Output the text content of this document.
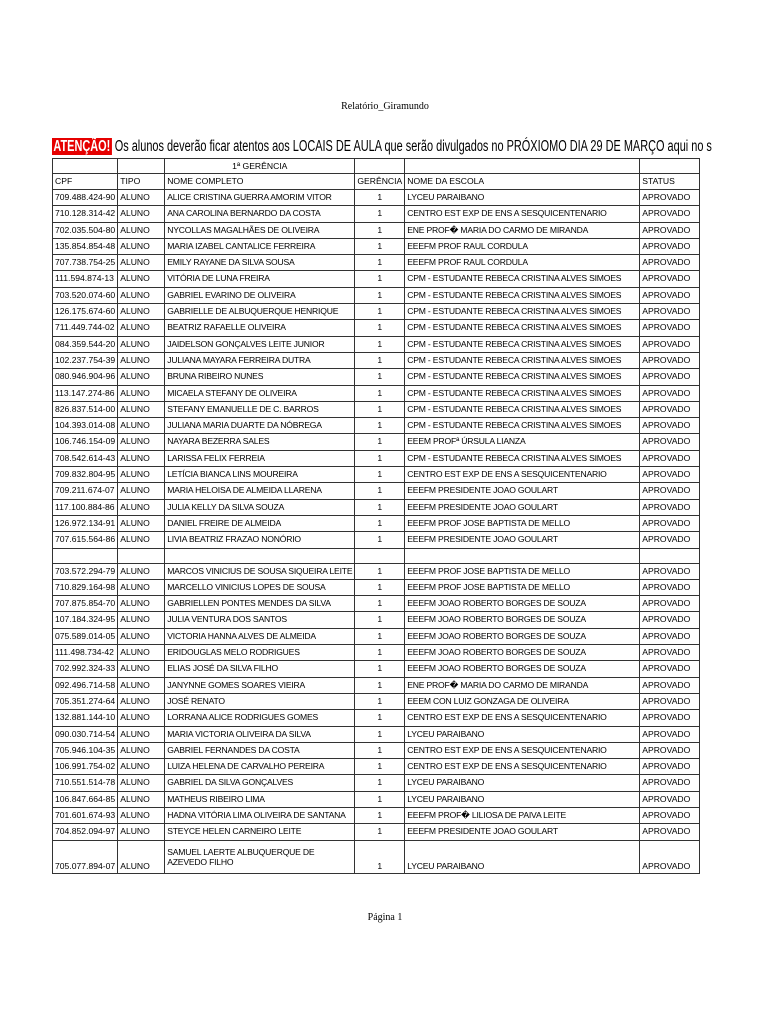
Relatório_Giramundo
ATENÇÃO! Os alunos deverão ficar atentos aos LOCAIS DE AULA que serão divulgados no PRÓXIOMO DIA 29 DE MARÇO aqui no s
		1ª GERÊNCIA			
CPF	TIPO	NOME COMPLETO	GERÊNCIA	NOME DA ESCOLA	STATUS
709.488.424-90	ALUNO	ALICE CRISTINA GUERRA AMORIM VITOR	1	LYCEU PARAIBANO	APROVADO
710.128.314-42	ALUNO	ANA CAROLINA BERNARDO DA COSTA	1	CENTRO EST EXP DE ENS A SESQUICENTENARIO	APROVADO
702.035.504-80	ALUNO	NYCOLLAS MAGALHÃES DE OLIVEIRA	1	ENE PROF� MARIA DO CARMO DE MIRANDA	APROVADO
135.854.854-48	ALUNO	MARIA IZABEL CANTALICE FERREIRA	1	EEEFM PROF RAUL CORDULA	APROVADO
707.738.754-25	ALUNO	EMILY RAYANE DA SILVA SOUSA	1	EEEFM PROF RAUL CORDULA	APROVADO
111.594.874-13	ALUNO	VITÓRIA DE LUNA FREIRA	1	CPM - ESTUDANTE REBECA CRISTINA ALVES SIMOES	APROVADO
703.520.074-60	ALUNO	GABRIEL EVARINO DE OLIVEIRA	1	CPM - ESTUDANTE REBECA CRISTINA ALVES SIMOES	APROVADO
126.175.674-60	ALUNO	GABRIELLE DE ALBUQUERQUE HENRIQUE	1	CPM - ESTUDANTE REBECA CRISTINA ALVES SIMOES	APROVADO
711.449.744-02	ALUNO	BEATRIZ RAFAELLE OLIVEIRA	1	CPM - ESTUDANTE REBECA CRISTINA ALVES SIMOES	APROVADO
084.359.544-20	ALUNO	JAIDELSON GONÇALVES LEITE JUNIOR	1	CPM - ESTUDANTE REBECA CRISTINA ALVES SIMOES	APROVADO
102.237.754-39	ALUNO	JULIANA MAYARA FERREIRA DUTRA	1	CPM - ESTUDANTE REBECA CRISTINA ALVES SIMOES	APROVADO
080.946.904-96	ALUNO	BRUNA RIBEIRO NUNES	1	CPM - ESTUDANTE REBECA CRISTINA ALVES SIMOES	APROVADO
113.147.274-86	ALUNO	MICAELA STEFANY DE OLIVEIRA	1	CPM - ESTUDANTE REBECA CRISTINA ALVES SIMOES	APROVADO
826.837.514-00	ALUNO	STEFANY EMANUELLE DE C. BARROS	1	CPM - ESTUDANTE REBECA CRISTINA ALVES SIMOES	APROVADO
104.393.014-08	ALUNO	JULIANA MARIA DUARTE DA NÓBREGA	1	CPM - ESTUDANTE REBECA CRISTINA ALVES SIMOES	APROVADO
106.746.154-09	ALUNO	NAYARA BEZERRA SALES	1	EEEM PROFª ÚRSULA LIANZA	APROVADO
708.542.614-43	ALUNO	LARISSA FELIX FERREIA	1	CPM - ESTUDANTE REBECA CRISTINA ALVES SIMOES	APROVADO
709.832.804-95	ALUNO	LETÍCIA BIANCA LINS MOUREIRA	1	CENTRO EST EXP DE ENS A SESQUICENTENARIO	APROVADO
709.211.674-07	ALUNO	MARIA HELOISA DE ALMEIDA LLARENA	1	EEEFM PRESIDENTE JOAO GOULART	APROVADO
117.100.884-86	ALUNO	JULIA KELLY DA SILVA SOUZA	1	EEEFM PRESIDENTE JOAO GOULART	APROVADO
126.972.134-91	ALUNO	DANIEL FREIRE DE ALMEIDA	1	EEEFM PROF JOSE BAPTISTA DE MELLO	APROVADO
707.615.564-86	ALUNO	LIVIA BEATRIZ FRAZAO NONÓRIO	1	EEEFM PRESIDENTE JOAO GOULART	APROVADO

703.572.294-79	ALUNO	MARCOS VINICIUS DE SOUSA SIQUEIRA LEITE	1	EEEFM PROF JOSE BAPTISTA DE MELLO	APROVADO
710.829.164-98	ALUNO	MARCELLO VINICIUS LOPES DE SOUSA	1	EEEFM PROF JOSE BAPTISTA DE MELLO	APROVADO
707.875.854-70	ALUNO	GABRIELLEN PONTES MENDES DA SILVA	1	EEEFM JOAO ROBERTO BORGES DE SOUZA	APROVADO
107.184.324-95	ALUNO	JULIA VENTURA DOS SANTOS	1	EEEFM JOAO ROBERTO BORGES DE SOUZA	APROVADO
075.589.014-05	ALUNO	VICTORIA HANNA ALVES DE ALMEIDA	1	EEEFM JOAO ROBERTO BORGES DE SOUZA	APROVADO
111.498.734-42	ALUNO	ERIDOUGLAS MELO RODRIGUES	1	EEEFM JOAO ROBERTO BORGES DE SOUZA	APROVADO
702.992.324-33	ALUNO	ELIAS JOSÉ DA SILVA FILHO	1	EEEFM JOAO ROBERTO BORGES DE SOUZA	APROVADO
092.496.714-58	ALUNO	JANYNNE GOMES SOARES VIEIRA	1	ENE PROF� MARIA DO CARMO DE MIRANDA	APROVADO
705.351.274-64	ALUNO	JOSÉ RENATO	1	EEEM CON LUIZ GONZAGA DE OLIVEIRA	APROVADO
132.881.144-10	ALUNO	LORRANA ALICE RODRIGUES GOMES	1	CENTRO EST EXP DE ENS A SESQUICENTENARIO	APROVADO
090.030.714-54	ALUNO	MARIA VICTORIA OLIVEIRA DA SILVA	1	LYCEU PARAIBANO	APROVADO
705.946.104-35	ALUNO	GABRIEL FERNANDES DA COSTA	1	CENTRO EST EXP DE ENS A SESQUICENTENARIO	APROVADO
106.991.754-02	ALUNO	LUIZA HELENA DE CARVALHO PEREIRA	1	CENTRO EST EXP DE ENS A SESQUICENTENARIO	APROVADO
710.551.514-78	ALUNO	GABRIEL DA SILVA GONÇALVES	1	LYCEU PARAIBANO	APROVADO
106.847.664-85	ALUNO	MATHEUS RIBEIRO LIMA	1	LYCEU PARAIBANO	APROVADO
701.601.674-93	ALUNO	HADNA VITÓRIA LIMA OLIVEIRA DE SANTANA	1	EEEFM PROF� LILIOSA DE PAIVA LEITE	APROVADO
704.852.094-97	ALUNO	STEYCE HELEN CARNEIRO LEITE	1	EEEFM PRESIDENTE JOAO GOULART	APROVADO
705.077.894-07	ALUNO	SAMUEL LAERTE ALBUQUERQUE DE AZEVEDO FILHO	1	LYCEU PARAIBANO	APROVADO
Página 1
